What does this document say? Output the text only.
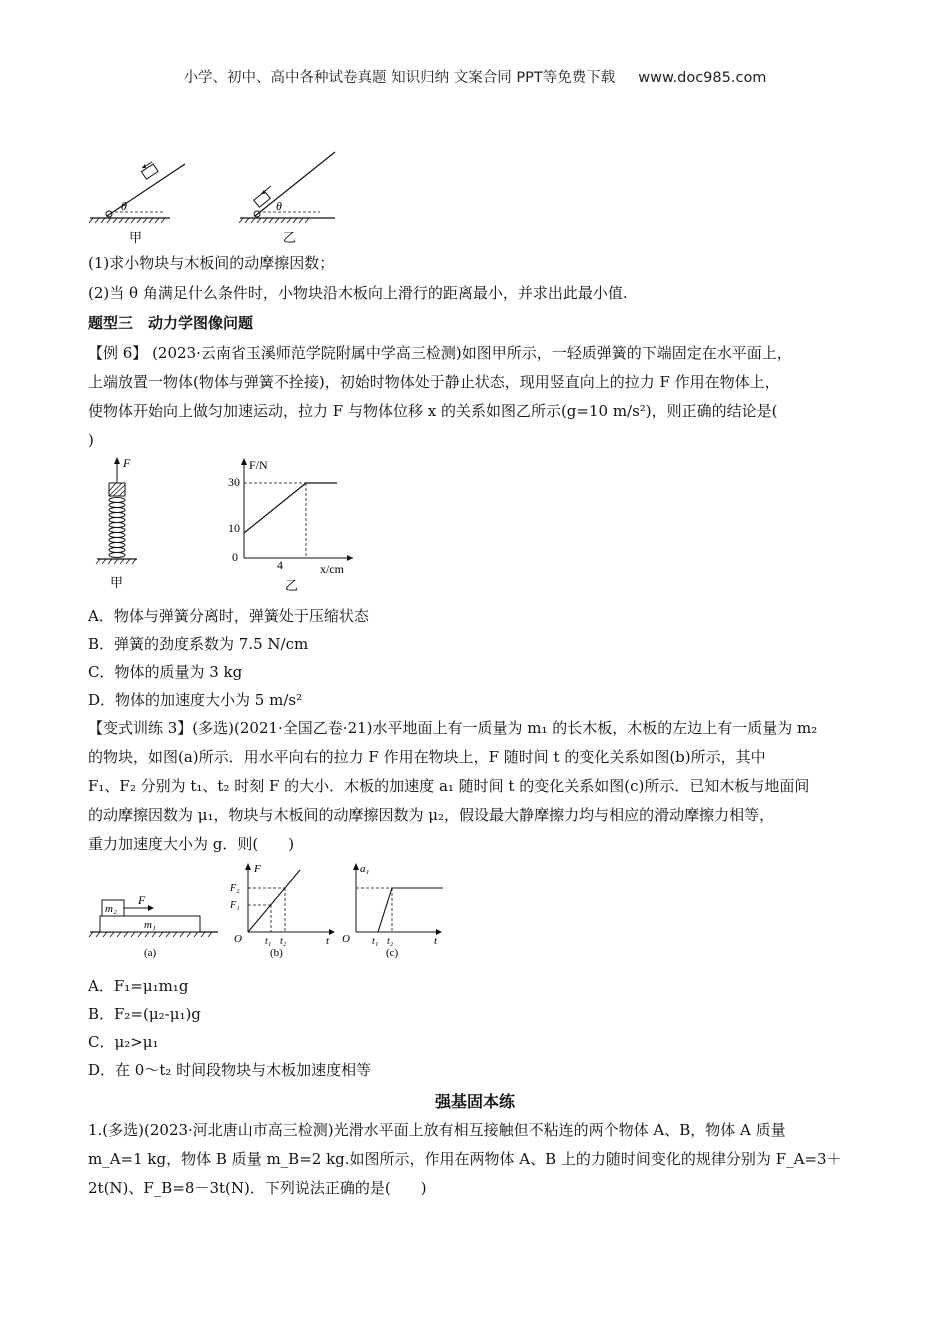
小学、初中、高中各种试卷真题 知识归纳 文案合同 PPT等免费下载     www.doc985.com
θ
甲
θ
乙
(1)求小物块与木板间的动摩擦因数；
(2)当 θ 角满足什么条件时，小物块沿木板向上滑行的距离最小，并求出此最小值.
题型三　动力学图像问题
【例 6】 (2023·云南省玉溪师范学院附属中学高三检测)如图甲所示，一轻质弹簧的下端固定在水平面上，
上端放置一物体(物体与弹簧不拴接)，初始时物体处于静止状态，现用竖直向上的拉力 F 作用在物体上，
使物体开始向上做匀加速运动，拉力 F 与物体位移 x 的关系如图乙所示(g=10 m/s²)，则正确的结论是(
)
F
甲
F/N
x/cm
30
10
0
4
乙
A．物体与弹簧分离时，弹簧处于压缩状态
B．弹簧的劲度系数为 7.5 N/cm
C．物体的质量为 3 kg
D．物体的加速度大小为 5 m/s²
【变式训练 3】(多选)(2021·全国乙卷·21)水平地面上有一质量为 m₁ 的长木板，木板的左边上有一质量为 m₂
的物块，如图(a)所示．用水平向右的拉力 F 作用在物块上，F 随时间 t 的变化关系如图(b)所示，其中
F₁、F₂ 分别为 t₁、t₂ 时刻 F 的大小．木板的加速度 a₁ 随时间 t 的变化关系如图(c)所示．已知木板与地面间
的动摩擦因数为 μ₁，物块与木板间的动摩擦因数为 μ₂，假设最大静摩擦力均与相应的滑动摩擦力相等，
重力加速度大小为 g．则(　　)
m₁
m₂
F
(a)
F
F₂
F₁
O t₁ t₂	t
(b)
a₁
O t₁ t₂	t
(c)
A．F₁=μ₁m₁g
B．F₂=(μ₂-μ₁)g
C．μ₂>μ₁
D．在 0～t₂ 时间段物块与木板加速度相等
强基固本练
1.(多选)(2023·河北唐山市高三检测)光滑水平面上放有相互接触但不粘连的两个物体 A、B，物体 A 质量
m_A=1 kg，物体 B 质量 m_B=2 kg.如图所示，作用在两物体 A、B 上的力随时间变化的规律分别为 F_A=3＋
2t(N)、F_B=8－3t(N)．下列说法正确的是(　　)
